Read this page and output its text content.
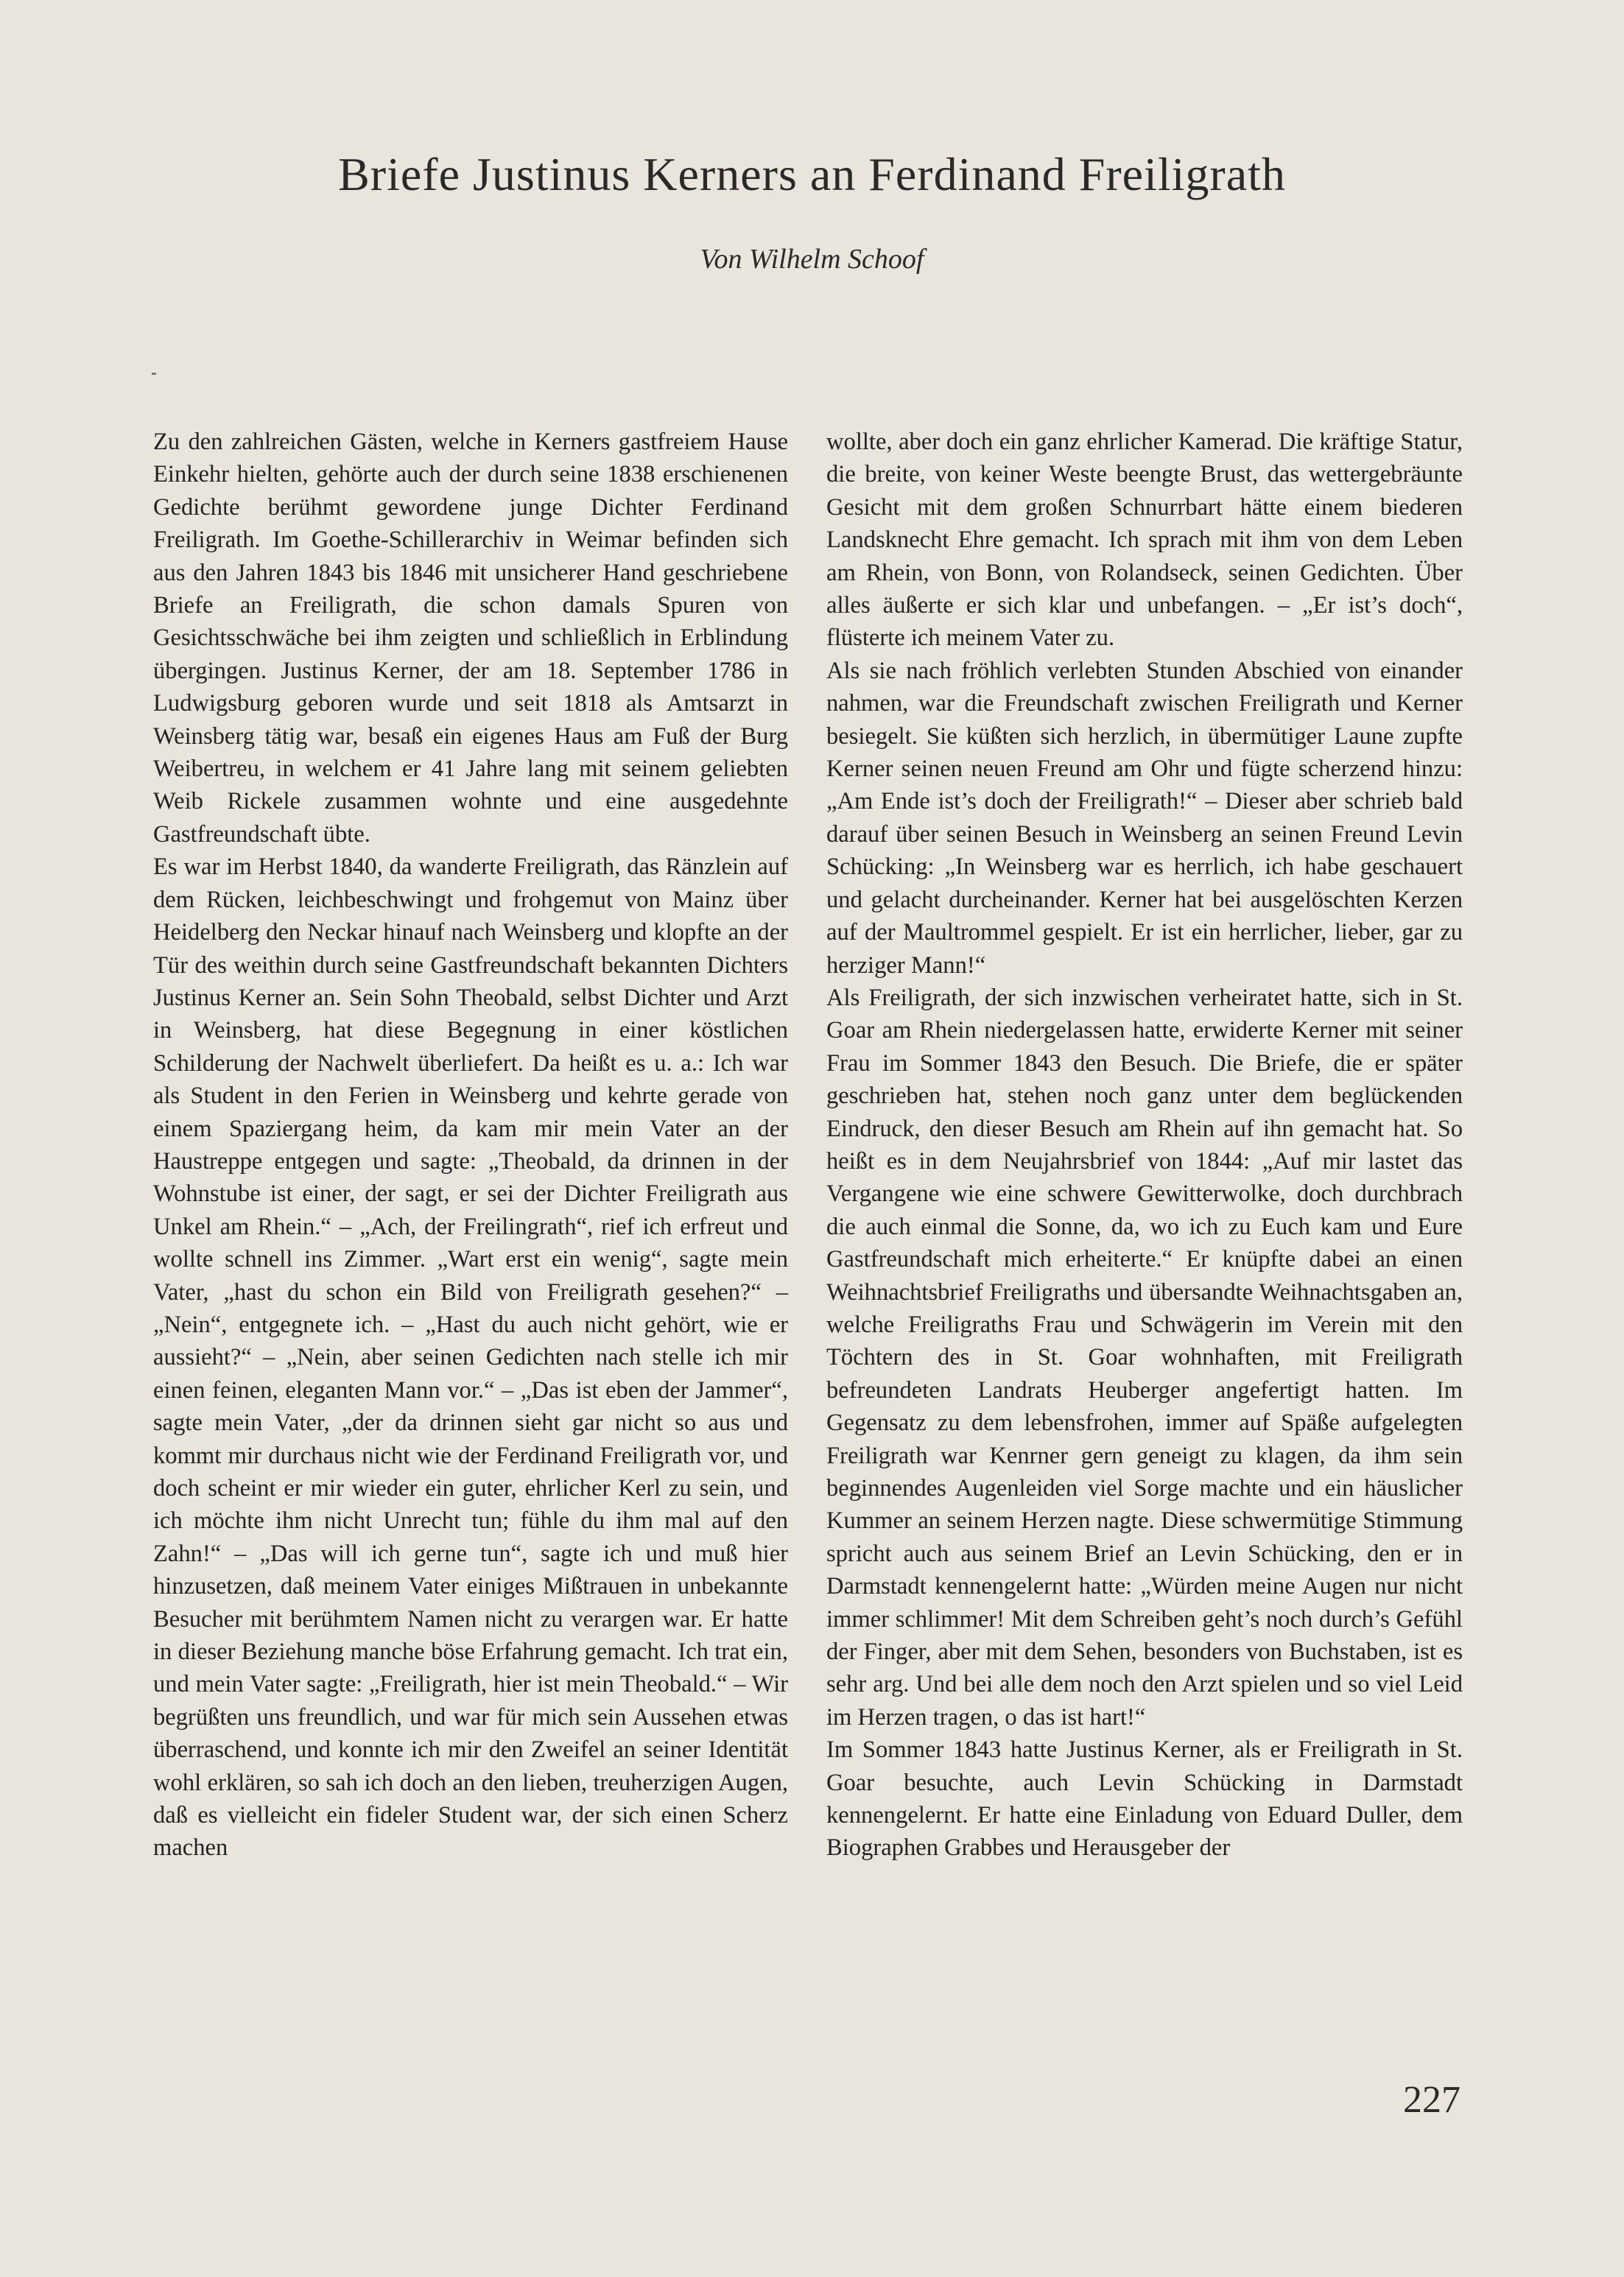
Briefe Justinus Kerners an Ferdinand Freiligrath
Von Wilhelm Schoof

Zu den zahlreichen Gästen, welche in Kerners gastfreiem Hause Einkehr hielten, gehörte auch der durch seine 1838 erschienenen Gedichte berühmt gewordene junge Dichter Ferdinand Freiligrath. Im Goethe-Schillerarchiv in Weimar befinden sich aus den Jahren 1843 bis 1846 mit unsicherer Hand geschriebene Briefe an Freiligrath, die schon damals Spuren von Gesichtsschwäche bei ihm zeigten und schließlich in Erblindung übergingen. Justinus Kerner, der am 18. September 1786 in Ludwigsburg geboren wurde und seit 1818 als Amtsarzt in Weinsberg tätig war, besaß ein eigenes Haus am Fuß der Burg Weibertreu, in welchem er 41 Jahre lang mit seinem geliebten Weib Rickele zusammen wohnte und eine ausgedehnte Gastfreundschaft übte.

Es war im Herbst 1840, da wanderte Freiligrath, das Ränzlein auf dem Rücken, leichbeschwingt und frohgemut von Mainz über Heidelberg den Neckar hinauf nach Weinsberg und klopfte an der Tür des weithin durch seine Gastfreundschaft bekannten Dichters Justinus Kerner an. Sein Sohn Theobald, selbst Dichter und Arzt in Weinsberg, hat diese Begegnung in einer köstlichen Schilderung der Nachwelt überliefert. Da heißt es u. a.: Ich war als Student in den Ferien in Weinsberg und kehrte gerade von einem Spaziergang heim, da kam mir mein Vater an der Haustreppe entgegen und sagte: „Theobald, da drinnen in der Wohnstube ist einer, der sagt, er sei der Dichter Freiligrath aus Unkel am Rhein.“ – „Ach, der Freilingrath“, rief ich erfreut und wollte schnell ins Zimmer. „Wart erst ein wenig“, sagte mein Vater, „hast du schon ein Bild von Freiligrath gesehen?“ – „Nein“, entgegnete ich. – „Hast du auch nicht gehört, wie er aussieht?“ – „Nein, aber seinen Gedichten nach stelle ich mir einen feinen, eleganten Mann vor.“ – „Das ist eben der Jammer“, sagte mein Vater, „der da drinnen sieht gar nicht so aus und kommt mir durchaus nicht wie der Ferdinand Freiligrath vor, und doch scheint er mir wieder ein guter, ehrlicher Kerl zu sein, und ich möchte ihm nicht Unrecht tun; fühle du ihm mal auf den Zahn!“ – „Das will ich gerne tun“, sagte ich und muß hier hinzusetzen, daß meinem Vater einiges Mißtrauen in unbekannte Besucher mit berühmtem Namen nicht zu verargen war. Er hatte in dieser Beziehung manche böse Erfahrung gemacht. Ich trat ein, und mein Vater sagte: „Freiligrath, hier ist mein Theobald.“ – Wir begrüßten uns freundlich, und war für mich sein Aussehen etwas überraschend, und konnte ich mir den Zweifel an seiner Identität wohl erklären, so sah ich doch an den lieben, treuherzigen Augen, daß es vielleicht ein fideler Student war, der sich einen Scherz machen

wollte, aber doch ein ganz ehrlicher Kamerad. Die kräftige Statur, die breite, von keiner Weste beengte Brust, das wettergebräunte Gesicht mit dem großen Schnurrbart hätte einem biederen Landsknecht Ehre gemacht. Ich sprach mit ihm von dem Leben am Rhein, von Bonn, von Rolandseck, seinen Gedichten. Über alles äußerte er sich klar und unbefangen. – „Er ist’s doch“, flüsterte ich meinem Vater zu.

Als sie nach fröhlich verlebten Stunden Abschied von einander nahmen, war die Freundschaft zwischen Freiligrath und Kerner besiegelt. Sie küßten sich herzlich, in übermütiger Laune zupfte Kerner seinen neuen Freund am Ohr und fügte scherzend hinzu: „Am Ende ist’s doch der Freiligrath!“ – Dieser aber schrieb bald darauf über seinen Besuch in Weinsberg an seinen Freund Levin Schücking: „In Weinsberg war es herrlich, ich habe geschauert und gelacht durcheinander. Kerner hat bei ausgelöschten Kerzen auf der Maultrommel gespielt. Er ist ein herrlicher, lieber, gar zu herziger Mann!“

Als Freiligrath, der sich inzwischen verheiratet hatte, sich in St. Goar am Rhein niedergelassen hatte, erwiderte Kerner mit seiner Frau im Sommer 1843 den Besuch. Die Briefe, die er später geschrieben hat, stehen noch ganz unter dem beglückenden Eindruck, den dieser Besuch am Rhein auf ihn gemacht hat. So heißt es in dem Neujahrsbrief von 1844: „Auf mir lastet das Vergangene wie eine schwere Gewitterwolke, doch durchbrach die auch einmal die Sonne, da, wo ich zu Euch kam und Eure Gastfreundschaft mich erheiterte.“ Er knüpfte dabei an einen Weihnachtsbrief Freiligraths und übersandte Weihnachtsgaben an, welche Freiligraths Frau und Schwägerin im Verein mit den Töchtern des in St. Goar wohnhaften, mit Freiligrath befreundeten Landrats Heuberger angefertigt hatten. Im Gegensatz zu dem lebensfrohen, immer auf Späße aufgelegten Freiligrath war Kenrner gern geneigt zu klagen, da ihm sein beginnendes Augenleiden viel Sorge machte und ein häuslicher Kummer an seinem Herzen nagte. Diese schwermütige Stimmung spricht auch aus seinem Brief an Levin Schücking, den er in Darmstadt kennengelernt hatte: „Würden meine Augen nur nicht immer schlimmer! Mit dem Schreiben geht’s noch durch’s Gefühl der Finger, aber mit dem Sehen, besonders von Buchstaben, ist es sehr arg. Und bei alle dem noch den Arzt spielen und so viel Leid im Herzen tragen, o das ist hart!“

Im Sommer 1843 hatte Justinus Kerner, als er Freiligrath in St. Goar besuchte, auch Levin Schücking in Darmstadt kennengelernt. Er hatte eine Einladung von Eduard Duller, dem Biographen Grabbes und Herausgeber der

227
